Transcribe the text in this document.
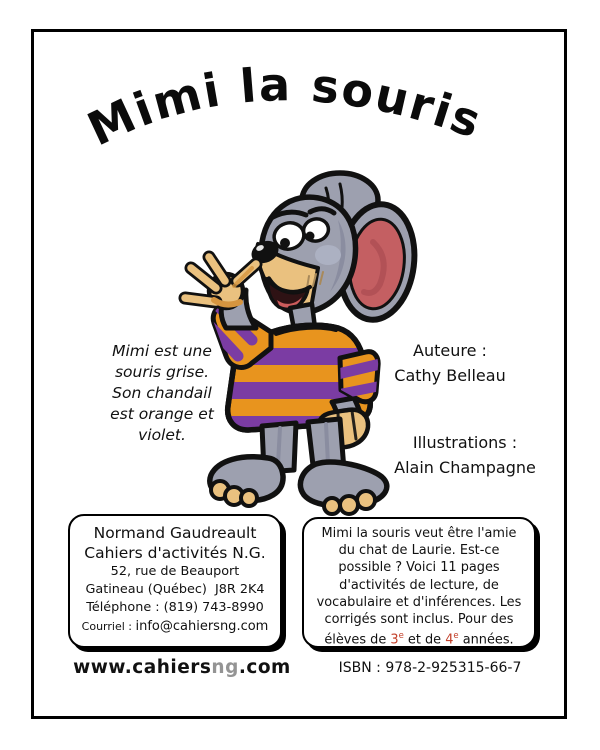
Mimi la souris
Mimi est une
souris grise.
Son chandail
est orange et
violet.
Auteure :
Cathy Belleau
Illustrations :
Alain Champagne
Normand Gaudreault
Cahiers d'activités N.G.
52, rue de Beauport
Gatineau (Québec)  J8R 2K4
Téléphone : (819) 743-8990
Courriel : info@cahiersng.com
Mimi la souris veut être l'amie
du chat de Laurie. Est-ce
possible ? Voici 11 pages
d'activités de lecture, de
vocabulaire et d'inférences. Les
corrigés sont inclus. Pour des
élèves de 3e et de 4e années.
www.cahiersng.com	ISBN : 978-2-925315-66-7
